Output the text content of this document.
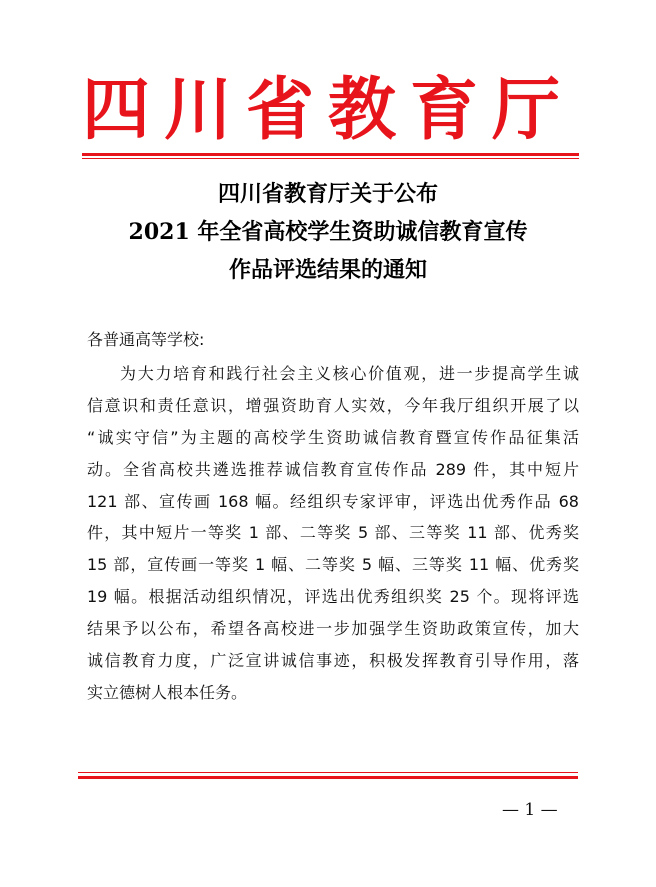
四川省教育厅
四川省教育厅关于公布
2021 年全省高校学生资助诚信教育宣传
作品评选结果的通知
各普通高等学校:
为大力培育和践行社会主义核心价值观，进一步提高学生诚
信意识和责任意识，增强资助育人实效，今年我厅组织开展了以
“诚实守信”为主题的高校学生资助诚信教育暨宣传作品征集活
动。全省高校共遴选推荐诚信教育宣传作品 289 件，其中短片
121 部、宣传画 168 幅。经组织专家评审，评选出优秀作品 68
件，其中短片一等奖 1 部、二等奖 5 部、三等奖 11 部、优秀奖
15 部，宣传画一等奖 1 幅、二等奖 5 幅、三等奖 11 幅、优秀奖
19 幅。根据活动组织情况，评选出优秀组织奖 25 个。现将评选
结果予以公布，希望各高校进一步加强学生资助政策宣传，加大
诚信教育力度，广泛宣讲诚信事迹，积极发挥教育引导作用，落
实立德树人根本任务。
— 1 —
